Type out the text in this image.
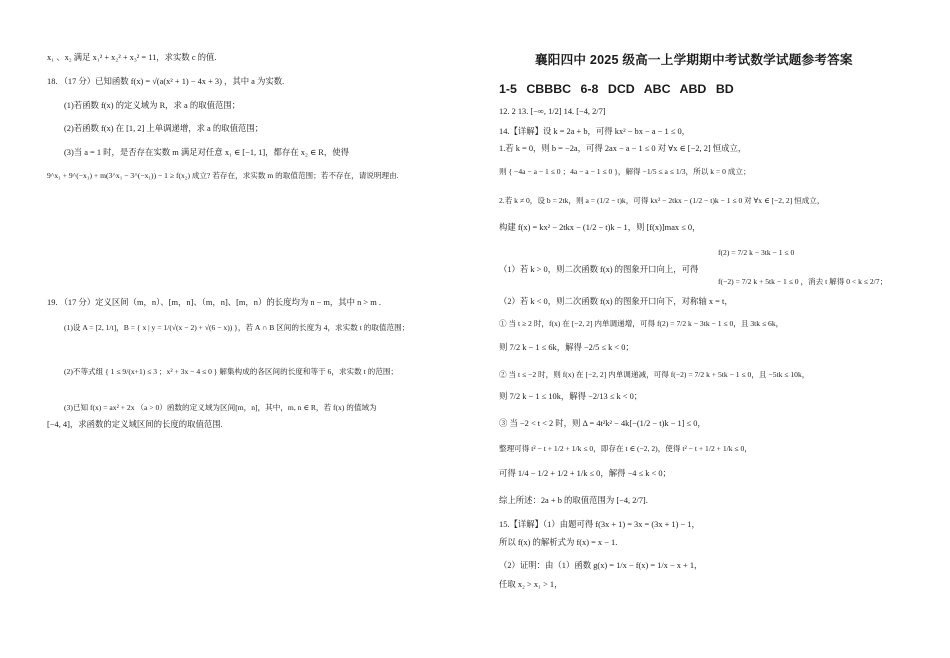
x₁ 、x₂ 满足 x₁² + x₂² + x₃² = 11，求实数 c 的值.
18. （17 分）已知函数 f(x) = √(a(x² + 1) − 4x + 3) ，其中 a 为实数.
(1)若函数 f(x) 的定义域为 R，求 a 的取值范围；
(2)若函数 f(x) 在 [1, 2] 上单调递增，求 a 的取值范围；
(3)当 a = 1 时，是否存在实数 m 满足对任意 x₁ ∈ [−1, 1]，都存在 x₂ ∈ R，使得
9^x₁ + 9^(−x₁) + m(3^x₁ − 3^(−x₁)) − 1 ≥ f(x₂) 成立? 若存在，求实数 m 的取值范围；若不存在，请说明理由.
19. （17 分）定义区间（m，n）、[m，n]、（m，n]、[m，n）的长度均为 n − m，其中 n > m .
(1)设 A = [2, 1/t]，B = { x | y = 1/(√(x − 2) + √(6 − x)) }，若 A ∩ B 区间的长度为 4，求实数 t 的取值范围；
(2)不等式组 { 1 ≤ 9/(x+1) ≤ 3 ；x² + 3x − 4 ≤ 0 } 解集构成的各区间的长度和等于 6，求实数 t 的范围；
(3)已知 f(x) = ax² + 2x （a > 0）函数的定义域为区间[m，n]，其中，m, n ∈ R，若 f(x) 的值域为
[−4, 4]，求函数的定义域区间的长度的取值范围.
襄阳四中 2025 级高一上学期期中考试数学试题参考答案
1-5 CBBBC 6-8 DCD ABC ABD BD
12. 2 13. [−∞, 1/2] 14. [−4, 2/7]
14.【详解】设 k = 2a + b，可得 kx² − bx − a − 1 ≤ 0，
1.若 k = 0，则 b = −2a，可得 2ax − a − 1 ≤ 0 对 ∀x ∈ [−2, 2] 恒成立，
则 { −4a − a − 1 ≤ 0 ；4a − a − 1 ≤ 0 }，解得 −1/5 ≤ a ≤ 1/3，所以 k = 0 成立；
2.若 k ≠ 0，设 b = 2tk，则 a = (1/2 − t)k，可得 kx² − 2tkx − (1/2 − t)k − 1 ≤ 0 对 ∀x ∈ [−2, 2] 恒成立，
构建 f(x) = kx² − 2tkx − (1/2 − t)k − 1，则 [f(x)]max ≤ 0，
f(2) = 7/2 k − 3tk − 1 ≤ 0
（1）若 k > 0，则二次函数 f(x) 的图象开口向上，可得
f(−2) = 7/2 k + 5tk − 1 ≤ 0 ，消去 t 解得 0 < k ≤ 2/7；
（2）若 k < 0，则二次函数 f(x) 的图象开口向下，对称轴 x = t，
① 当 t ≥ 2 时，f(x) 在 [−2, 2] 内单调递增，可得 f(2) = 7/2 k − 3tk − 1 ≤ 0，且 3tk ≤ 6k，
则 7/2 k − 1 ≤ 6k，解得 −2/5 ≤ k < 0；
② 当 t ≤ −2 时，则 f(x) 在 [−2, 2] 内单调递减，可得 f(−2) = 7/2 k + 5tk − 1 ≤ 0，且 −5tk ≤ 10k，
则 7/2 k − 1 ≤ 10k，解得 −2/13 ≤ k < 0；
③ 当 −2 < t < 2 时，则 Δ = 4t²k² − 4k[−(1/2 − t)k − 1] ≤ 0，
整理可得 t² − t + 1/2 + 1/k ≤ 0，即存在 t ∈ (−2, 2)，使得 t² − t + 1/2 + 1/k ≤ 0，
可得 1/4 − 1/2 + 1/2 + 1/k ≤ 0，解得 −4 ≤ k < 0；
综上所述：2a + b 的取值范围为 [−4, 2/7].
15.【详解】（1）由题可得 f(3x + 1) = 3x = (3x + 1) − 1，
所以 f(x) 的解析式为 f(x) = x − 1.
（2）证明：由（1）函数 g(x) = 1/x − f(x) = 1/x − x + 1，
任取 x₂ > x₁ > 1，
